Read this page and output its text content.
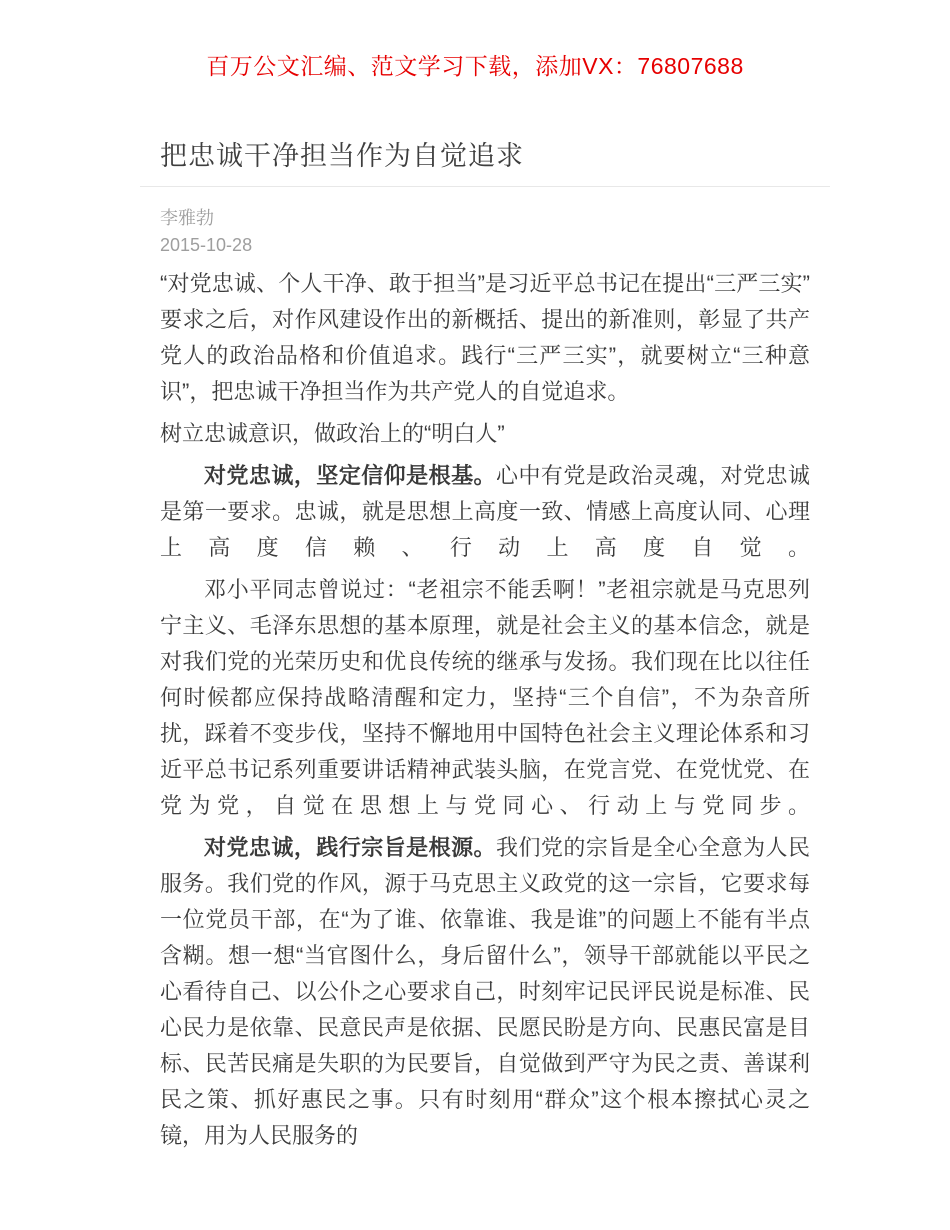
百万公文汇编、范文学习下载，添加VX：76807688
把忠诚干净担当作为自觉追求
李雅勃
2015-10-28

“对党忠诚、个人干净、敢于担当”是习近平总书记在提出“三严三实”要求之后，对作风建设作出的新概括、提出的新准则，彰显了共产党人的政治品格和价值追求。践行“三严三实”，就要树立“三种意识”，把忠诚干净担当作为共产党人的自觉追求。

树立忠诚意识，做政治上的“明白人”

对党忠诚，坚定信仰是根基。心中有党是政治灵魂，对党忠诚是第一要求。忠诚，就是思想上高度一致、情感上高度认同、心理上高度信赖、行动上高度自觉。

邓小平同志曾说过：“老祖宗不能丢啊！”老祖宗就是马克思列宁主义、毛泽东思想的基本原理，就是社会主义的基本信念，就是对我们党的光荣历史和优良传统的继承与发扬。我们现在比以往任何时候都应保持战略清醒和定力，坚持“三个自信”，不为杂音所扰，踩着不变步伐，坚持不懈地用中国特色社会主义理论体系和习近平总书记系列重要讲话精神武装头脑，在党言党、在党忧党、在党为党，自觉在思想上与党同心、行动上与党同步。

对党忠诚，践行宗旨是根源。我们党的宗旨是全心全意为人民服务。我们党的作风，源于马克思主义政党的这一宗旨，它要求每一位党员干部，在“为了谁、依靠谁、我是谁”的问题上不能有半点含糊。想一想“当官图什么，身后留什么”，领导干部就能以平民之心看待自己、以公仆之心要求自己，时刻牢记民评民说是标准、民心民力是依靠、民意民声是依据、民愿民盼是方向、民惠民富是目标、民苦民痛是失职的为民要旨，自觉做到严守为民之责、善谋利民之策、抓好惠民之事。只有时刻用“群众”这个根本擦拭心灵之镜，用为人民服务的
